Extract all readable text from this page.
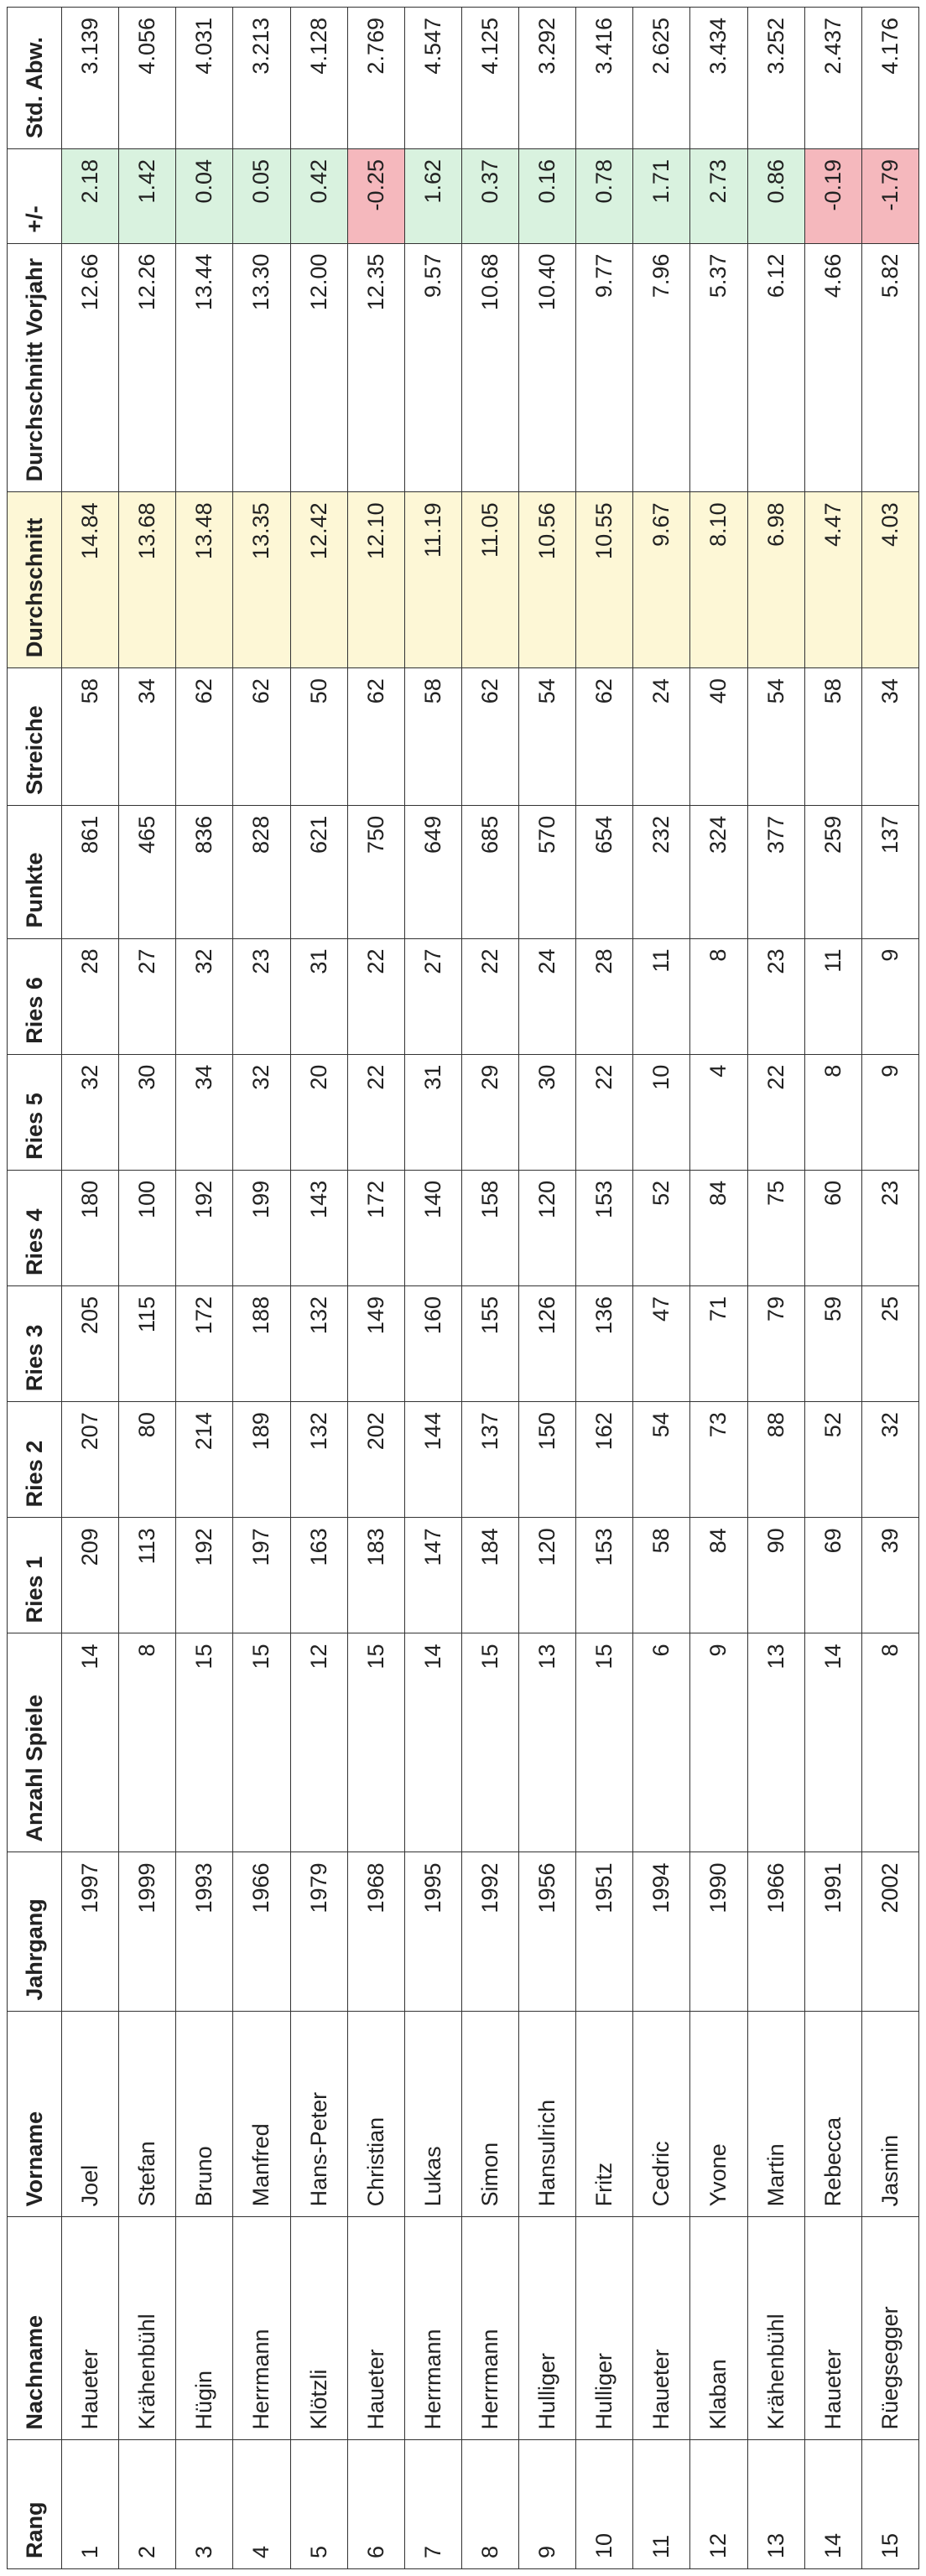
Rang	Nachname	Vorname	Jahrgang	Anzahl Spiele	Ries 1	Ries 2	Ries 3	Ries 4	Ries 5	Ries 6	Punkte	Streiche	Durchschnitt	Durchschnitt Vorjahr	+/-	Std. Abw.
1	Haueter	Joel	1997	14	209	207	205	180	32	28	861	58	14.84	12.66	2.18	3.139
2	Krähenbühl	Stefan	1999	8	113	80	115	100	30	27	465	34	13.68	12.26	1.42	4.056
3	Hügin	Bruno	1993	15	192	214	172	192	34	32	836	62	13.48	13.44	0.04	4.031
4	Herrmann	Manfred	1966	15	197	189	188	199	32	23	828	62	13.35	13.30	0.05	3.213
5	Klötzli	Hans-Peter	1979	12	163	132	132	143	20	31	621	50	12.42	12.00	0.42	4.128
6	Haueter	Christian	1968	15	183	202	149	172	22	22	750	62	12.10	12.35	-0.25	2.769
7	Herrmann	Lukas	1995	14	147	144	160	140	31	27	649	58	11.19	9.57	1.62	4.547
8	Herrmann	Simon	1992	15	184	137	155	158	29	22	685	62	11.05	10.68	0.37	4.125
9	Hulliger	Hansulrich	1956	13	120	150	126	120	30	24	570	54	10.56	10.40	0.16	3.292
10	Hulliger	Fritz	1951	15	153	162	136	153	22	28	654	62	10.55	9.77	0.78	3.416
11	Haueter	Cedric	1994	6	58	54	47	52	10	11	232	24	9.67	7.96	1.71	2.625
12	Klaban	Yvone	1990	9	84	73	71	84	4	8	324	40	8.10	5.37	2.73	3.434
13	Krähenbühl	Martin	1966	13	90	88	79	75	22	23	377	54	6.98	6.12	0.86	3.252
14	Haueter	Rebecca	1991	14	69	52	59	60	8	11	259	58	4.47	4.66	-0.19	2.437
15	Rüegsegger	Jasmin	2002	8	39	32	25	23	9	9	137	34	4.03	5.82	-1.79	4.176
